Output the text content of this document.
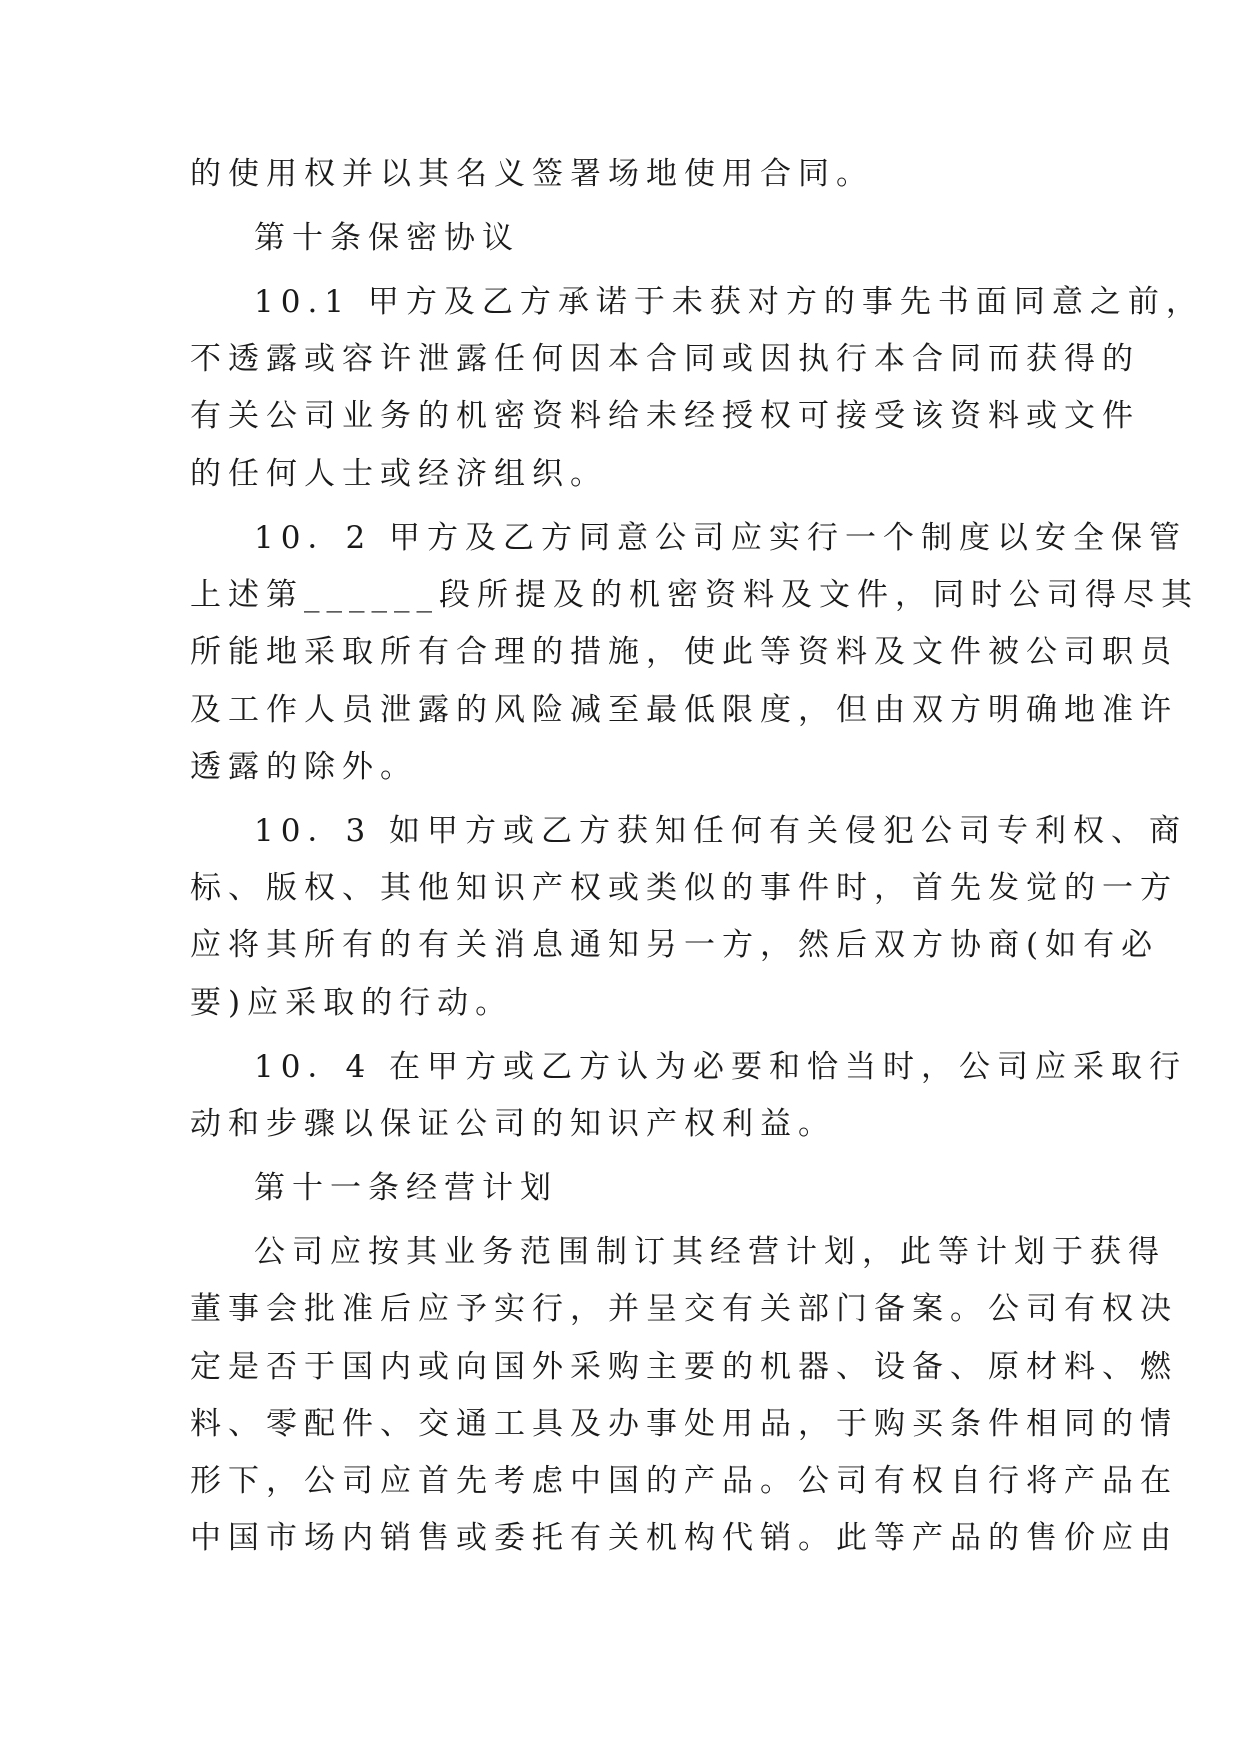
的使用权并以其名义签署场地使用合同。
第十条保密协议
10.1 甲方及乙方承诺于未获对方的事先书面同意之前，
不透露或容许泄露任何因本合同或因执行本合同而获得的
有关公司业务的机密资料给未经授权可接受该资料或文件
的任何人士或经济组织。
10．2 甲方及乙方同意公司应实行一个制度以安全保管
上述第______段所提及的机密资料及文件，同时公司得尽其
所能地采取所有合理的措施，使此等资料及文件被公司职员
及工作人员泄露的风险减至最低限度，但由双方明确地准许
透露的除外。
10．3 如甲方或乙方获知任何有关侵犯公司专利权、商
标、版权、其他知识产权或类似的事件时，首先发觉的一方
应将其所有的有关消息通知另一方，然后双方协商(如有必
要)应采取的行动。
10．4 在甲方或乙方认为必要和恰当时，公司应采取行
动和步骤以保证公司的知识产权利益。
第十一条经营计划
公司应按其业务范围制订其经营计划，此等计划于获得
董事会批准后应予实行，并呈交有关部门备案。公司有权决
定是否于国内或向国外采购主要的机器、设备、原材料、燃
料、零配件、交通工具及办事处用品，于购买条件相同的情
形下，公司应首先考虑中国的产品。公司有权自行将产品在
中国市场内销售或委托有关机构代销。此等产品的售价应由
